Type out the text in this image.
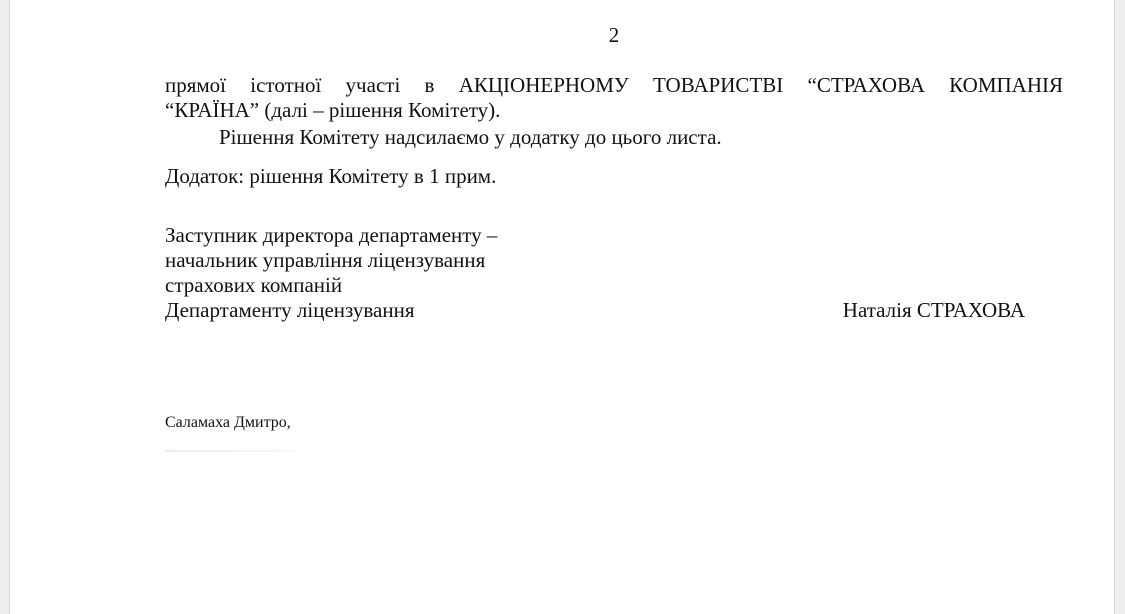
2
прямої істотної участі в АКЦІОНЕРНОМУ ТОВАРИСТВІ “СТРАХОВА КОМПАНІЯ
“КРАЇНА” (далі – рішення Комітету).
Рішення Комітету надсилаємо у додатку до цього листа.
Додаток: рішення Комітету в 1 прим.
Заступник директора департаменту –
начальник управління ліцензування
страхових компаній
Департаменту ліцензування	Наталія СТРАХОВА
Саламаха Дмитро,
